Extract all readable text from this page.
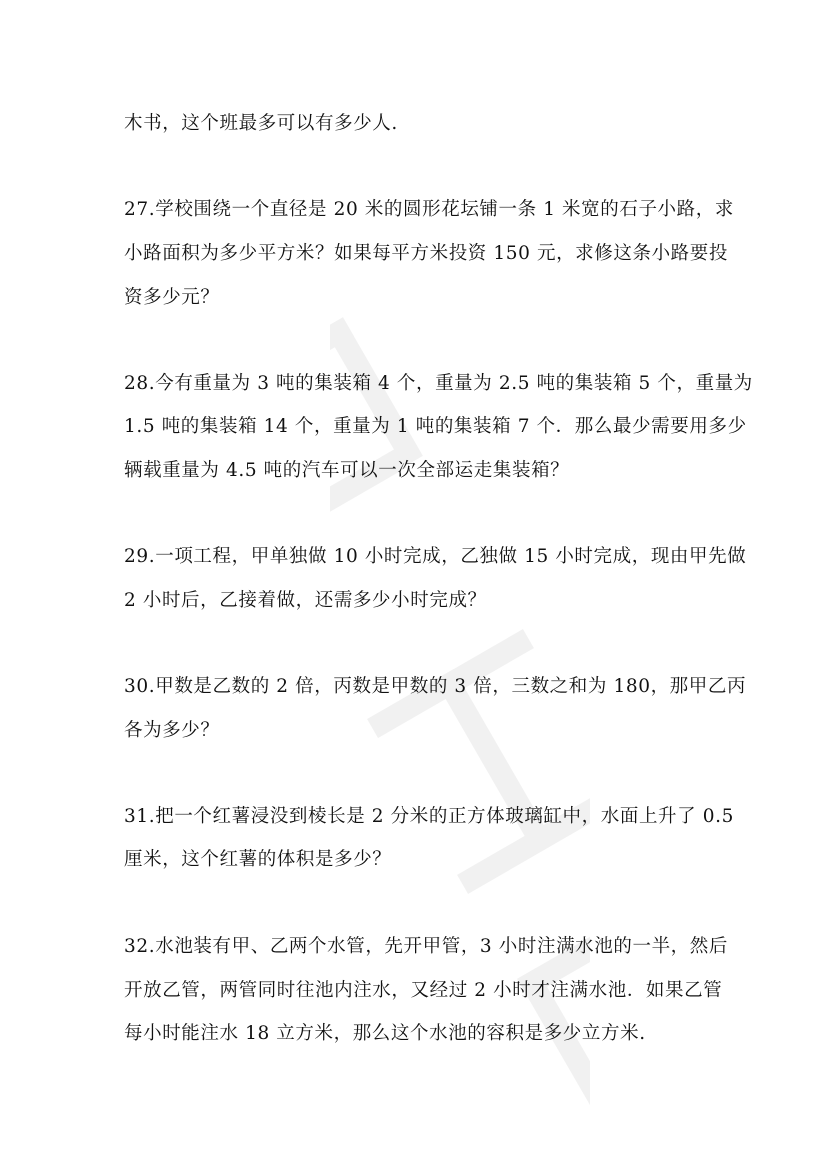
木书，这个班最多可以有多少人.
27.学校围绕一个直径是 20 米的圆形花坛铺一条 1 米宽的石子小路，求
小路面积为多少平方米？如果每平方米投资 150 元，求修这条小路要投
资多少元？
28.今有重量为 3 吨的集装箱 4 个，重量为 2.5 吨的集装箱 5 个，重量为
1.5 吨的集装箱 14 个，重量为 1 吨的集装箱 7 个．那么最少需要用多少
辆载重量为 4.5 吨的汽车可以一次全部运走集装箱？
29.一项工程，甲单独做 10 小时完成，乙独做 15 小时完成，现由甲先做
2 小时后，乙接着做，还需多少小时完成？
30.甲数是乙数的 2 倍，丙数是甲数的 3 倍，三数之和为 180，那甲乙丙
各为多少？
31.把一个红薯浸没到棱长是 2 分米的正方体玻璃缸中，水面上升了 0.5
厘米，这个红薯的体积是多少？
32.水池装有甲、乙两个水管，先开甲管，3 小时注满水池的一半，然后
开放乙管，两管同时往池内注水，又经过 2 小时才注满水池．如果乙管
每小时能注水 18 立方米，那么这个水池的容积是多少立方米.
